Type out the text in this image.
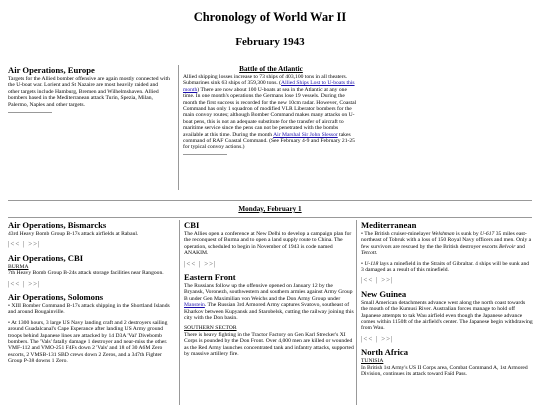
Chronology of World War II
February 1943
Air Operations, Europe

Targets for the Allied bomber offensive are again mostly connected with the U-boat war. Lorient and St Nazaire are most heavily raided and other targets include Hamburg, Bremen and Wilhelmshaven. Allied bombers based in the Mediterranean attack Turin, Spezia, Milan, Palermo, Naples and other targets.

Battle of the Atlantic

Allied shipping losses increase to 73 ships of 403,100 tons in all theaters. Submarines sink 63 ships of 359,300 tons. (Allied Ships Lost to U-boats this month) There are now about 100 U-boats at sea in the Atlantic at any one time. In one month's operations the Germans lose 19 vessels. During the month the first success is recorded for the new 10cm radar. However, Coastal Command has only 1 squadron of modified VLR Liberator bombers for the main convoy routes; although Bomber Command makes many attacks on U-boat pens, this is not an adequate substitute for the transfer of aircraft to maritime service since the pens can not be penetrated with the bombs available at this time. During the month Air Marshal Sir John Slessor takes command of RAF Coastal Command. (See February 4-9 and February 21-25 for typical convoy actions.)

Monday, February 1
Air Operations, Bismarcks

43rd Heavy Bomb Group B-17s attack airfields at Rabaul.

|<< | >>|
Air Operations, CBI
BURMA

7th Heavy Bomb Group B-24s attack storage facilities near Rangoon.

|<< | >>|
Air Operations, Solomons

• XIII Bomber Command B-17s attack shipping in the Shortland Islands and around Bougainville.

• At 1300 hours, 3 large US Navy landing craft and 2 destroyers sailing around Guadalcanal's Cape Esperance after landing US Army ground troops behind Japanese lines are attacked by 14 D3A 'Val' Divebomb bombers. The 'Vals' fatally damage 1 destroyer and near-miss the other. VMF-112 and VMO-251 F4Fs down 2 'Vals' and 18 of 30 A6M Zero escorts, 2 VMSB-131 SBD crews down 2 Zeros, and a 347th Fighter Group P-38 downs 1 Zero.

CBI

The Allies open a conference at New Delhi to develop a campaign plan for the reconquest of Burma and to open a land supply route to China. The operation, scheduled to begin in November of 1943 is code named ANAKIM.

|<< | >>|
Eastern Front

The Russians follow up the offensive opened on January 12 by the Bryansk, Voronezh, southwestern and southern armies against Army Group B under Gen Maximilian von Weichs and the Don Army Group under Manstein. The Russian 3rd Armored Army captures Svatovo, southeast of Kharkov between Kupyansk and Starobelsk, cutting the railway joining this city with the Don basin.

SOUTHERN SECTOR

There is heavy fighting in the Tractor Factory on Gen Karl Strecker's XI Corps is pounded by the Don Front. Over 4,000 men are killed or wounded as the Red Army launches concentrated tank and infantry attacks, supported by massive artillery fire.

Mediterranean

• The British cruiser-minelayer Welshman is sunk by U-617 35 miles east-northeast of Tobruk with a loss of 150 Royal Navy officers and men. Only a few survivors are rescued by the the British destroyer escorts Belvoir and Tetcott.

• U-118 lays a minefield in the Straits of Gibraltar. 4 ships will be sunk and 3 damaged as a result of this minefield.

|<< | >>|
New Guinea

Small American detachments advance west along the north coast towards the mouth of the Kumusi River. Australian forces manage to hold off Japanese attempts to tak Wau airfield even though the Japanese advance comes within 1150ft of the airfield's center. The Japanese begin withdrawing from Wau.

|<< | >>|
North Africa
TUNISIA

In British 1st Army's US II Corps area, Combat Command A, 1st Armored Division, continues its attack toward Faïd Pass.
